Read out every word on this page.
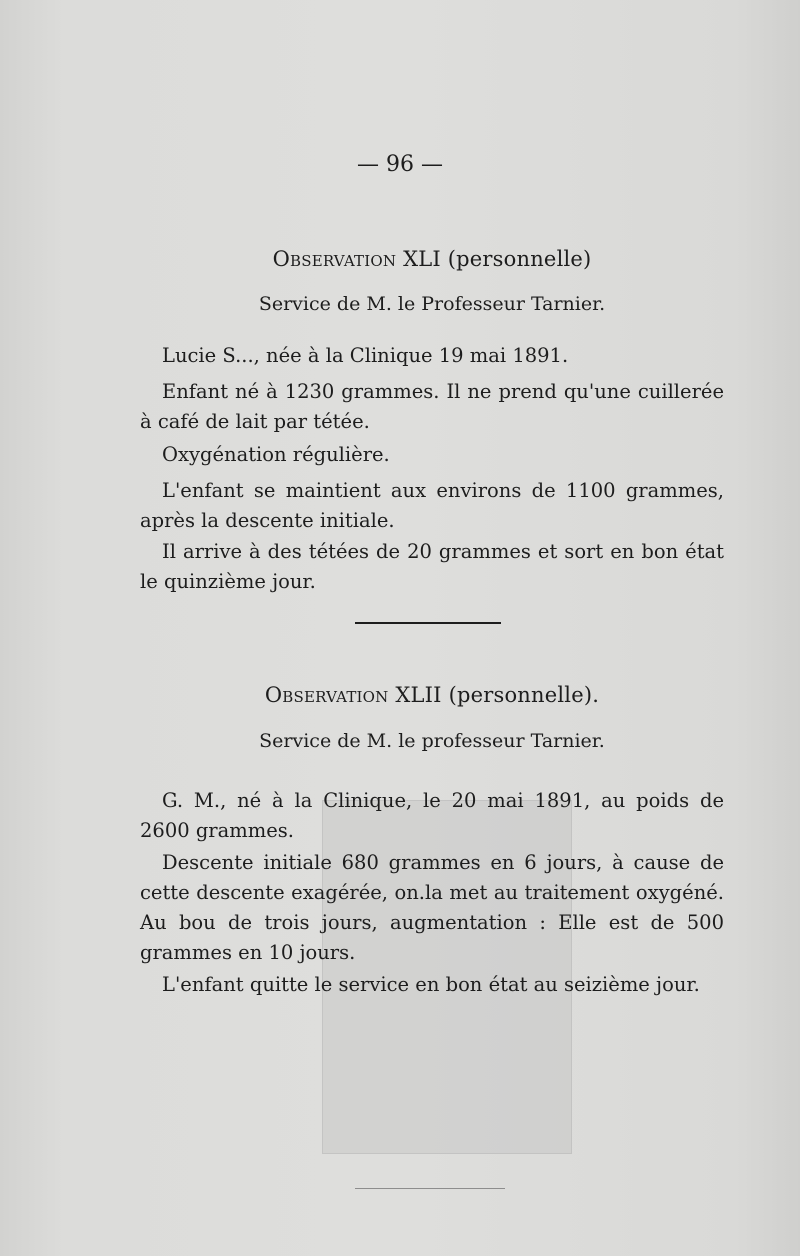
— 96 —
Observation XLI (personnelle)
Service de M. le Professeur Tarnier.
Lucie S..., née à la Clinique 19 mai 1891.
Enfant né à 1230 grammes. Il ne prend qu'une cuillerée à café de lait par tétée.
Oxygénation régulière.
L'enfant se maintient aux environs de 1100 grammes, après la descente initiale.
Il arrive à des tétées de 20 grammes et sort en bon état le quinzième jour.
Observation XLII (personnelle).
Service de M. le professeur Tarnier.
G. M., né à la Clinique, le 20 mai 1891, au poids de 2600 grammes.
Descente initiale 680 grammes en 6 jours, à cause de cette descente exagérée, on.la met au traitement oxygéné. Au bou de trois jours, augmentation : Elle est de 500 grammes en 10 jours.
L'enfant quitte le service en bon état au seizième jour.
